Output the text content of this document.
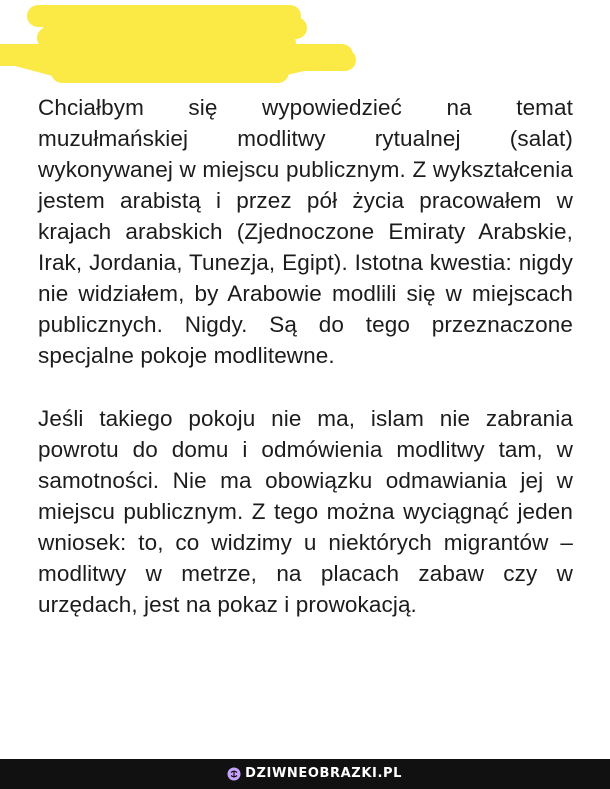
Chciałbym się wypowiedzieć na temat muzułmańskiej modlitwy rytualnej (salat) wykonywanej w miejscu publicznym. Z wykształcenia jestem arabistą i przez pół życia pracowałem w krajach arabskich (Zjednoczone Emiraty Arabskie, Irak, Jordania, Tunezja, Egipt). Istotna kwestia: nigdy nie widziałem, by Arabowie modlili się w miejscach publicznych. Nigdy. Są do tego przeznaczone specjalne pokoje modlitewne.

Jeśli takiego pokoju nie ma, islam nie zabrania powrotu do domu i odmówienia modlitwy tam, w samotności. Nie ma obowiązku odmawiania jej w miejscu publicznym. Z tego można wyciągnąć jeden wniosek: to, co widzimy u niektórych migrantów – modlitwy w metrze, na placach zabaw czy w urzędach, jest na pokaz i prowokacją.

DZIWNEOBRAZKI.PL
